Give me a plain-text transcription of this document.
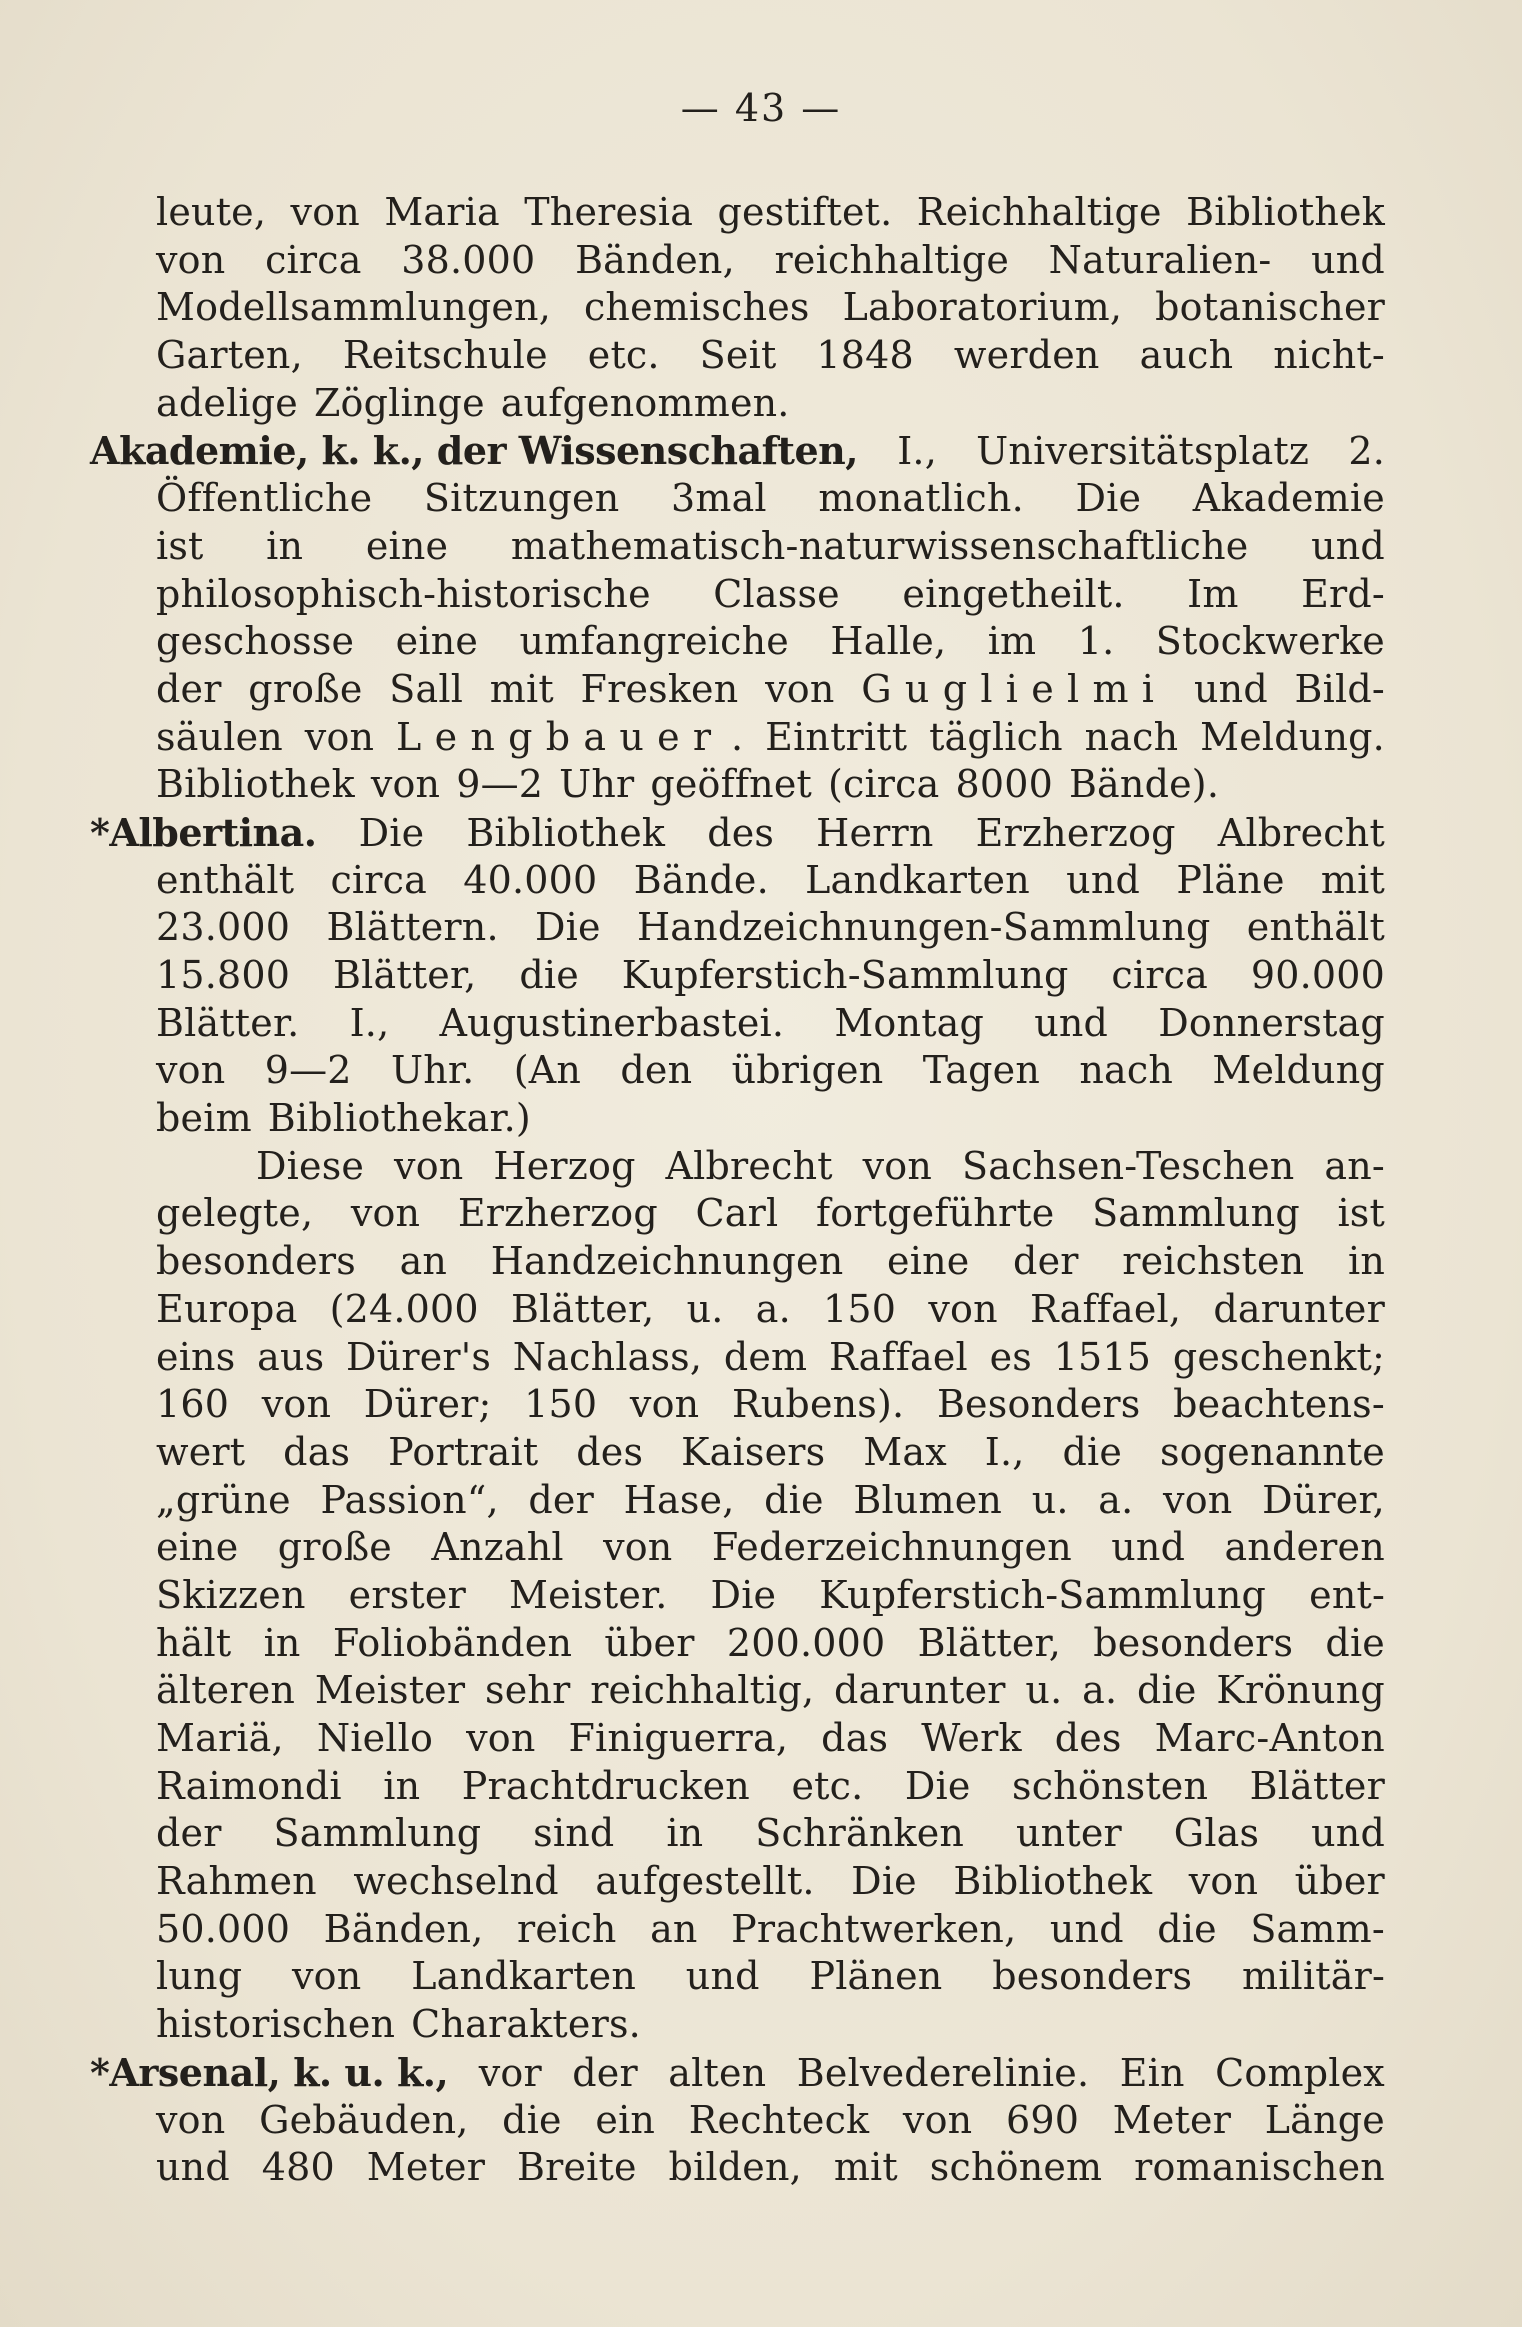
— 43 —
leute, von Maria Theresia gestiftet. Reichhaltige Bibliothek
von circa 38.000 Bänden, reichhaltige Naturalien- und
Modellsammlungen, chemisches Laboratorium, botanischer
Garten, Reitschule etc. Seit 1848 werden auch nicht-
adelige Zöglinge aufgenommen.
Akademie, k. k., der Wissenschaften, I., Universitätsplatz 2.
Öffentliche Sitzungen 3mal monatlich. Die Akademie
ist in eine mathematisch-naturwissenschaftliche und
philosophisch-historische Classe eingetheilt. Im Erd-
geschosse eine umfangreiche Halle, im 1. Stockwerke
der große Sall mit Fresken von Guglielmi und Bild-
säulen von Lengbauer . Eintritt täglich nach Meldung.
Bibliothek von 9—2 Uhr geöffnet (circa 8000 Bände).
*Albertina. Die Bibliothek des Herrn Erzherzog Albrecht
enthält circa 40.000 Bände. Landkarten und Pläne mit
23.000 Blättern. Die Handzeichnungen-Sammlung enthält
15.800 Blätter, die Kupferstich-Sammlung circa 90.000
Blätter. I., Augustinerbastei. Montag und Donnerstag
von 9—2 Uhr. (An den übrigen Tagen nach Meldung
beim Bibliothekar.)
Diese von Herzog Albrecht von Sachsen-Teschen an-
gelegte, von Erzherzog Carl fortgeführte Sammlung ist
besonders an Handzeichnungen eine der reichsten in
Europa (24.000 Blätter, u. a. 150 von Raffael, darunter
eins aus Dürer's Nachlass, dem Raffael es 1515 geschenkt;
160 von Dürer; 150 von Rubens). Besonders beachtens-
wert das Portrait des Kaisers Max I., die sogenannte
„grüne Passion“, der Hase, die Blumen u. a. von Dürer,
eine große Anzahl von Federzeichnungen und anderen
Skizzen erster Meister. Die Kupferstich-Sammlung ent-
hält in Foliobänden über 200.000 Blätter, besonders die
älteren Meister sehr reichhaltig, darunter u. a. die Krönung
Mariä, Niello von Finiguerra, das Werk des Marc-Anton
Raimondi in Prachtdrucken etc. Die schönsten Blätter
der Sammlung sind in Schränken unter Glas und
Rahmen wechselnd aufgestellt. Die Bibliothek von über
50.000 Bänden, reich an Prachtwerken, und die Samm-
lung von Landkarten und Plänen besonders militär-
historischen Charakters.
*Arsenal, k. u. k., vor der alten Belvederelinie. Ein Complex
von Gebäuden, die ein Rechteck von 690 Meter Länge
und 480 Meter Breite bilden, mit schönem romanischen
